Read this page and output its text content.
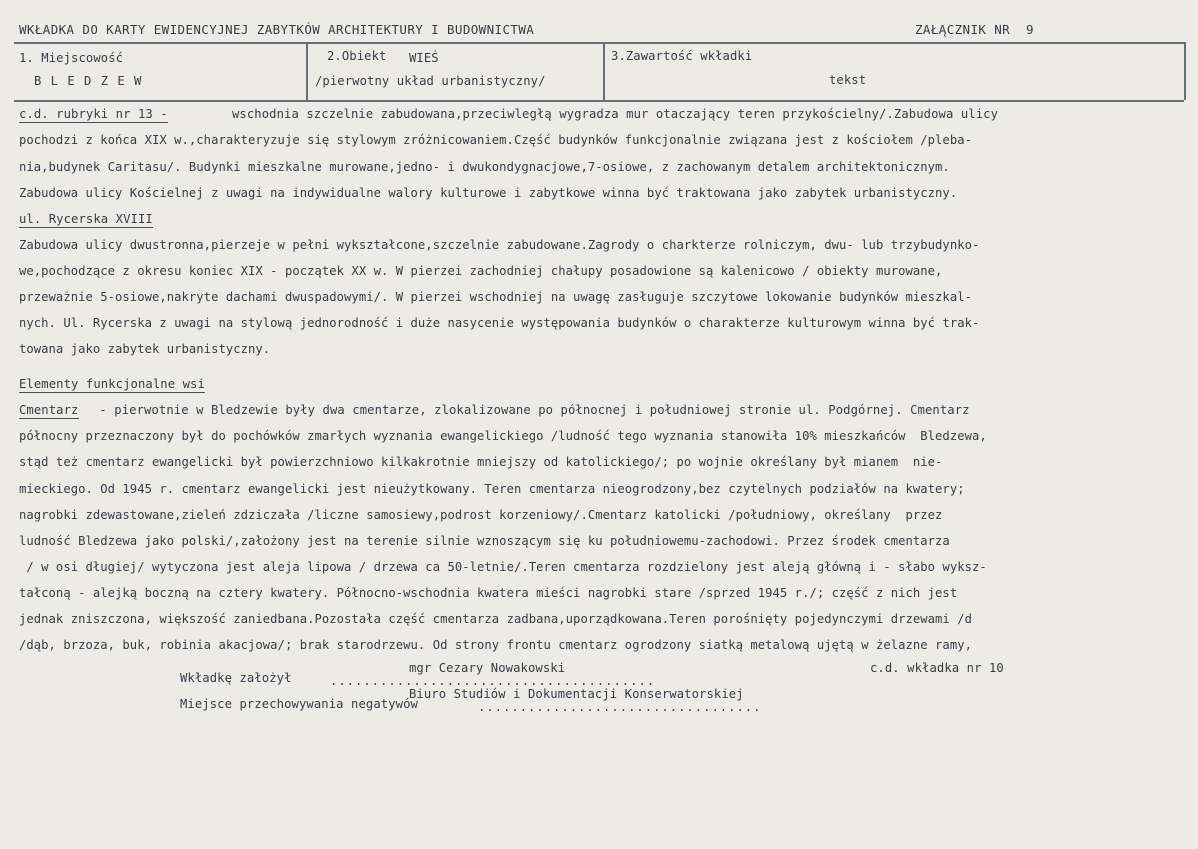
WKŁADKA DO KARTY EWIDENCYJNEJ ZABYTKÓW ARCHITEKTURY I BUDOWNICTWA	ZAŁĄCZNIK NR  9
1. Miejscowość
B L E D Z E W
2.Obiekt WIEŚ
/pierwotny układ urbanistyczny/
3.Zawartość wkładki
tekst
c.d. rubryki nr 13 -	wschodnia szczelnie zabudowana,przeciwległą wygradza mur otaczający teren przykościelny/.Zabudowa ulicy
pochodzi z końca XIX w.,charakteryzuje się stylowym zróżnicowaniem.Część budynków funkcjonalnie związana jest z kościołem /pleba-
nia,budynek Caritasu/. Budynki mieszkalne murowane,jedno- i dwukondygnacjowe,7-osiowe, z zachowanym detalem architektonicznym.
Zabudowa ulicy Kościelnej z uwagi na indywidualne walory kulturowe i zabytkowe winna być traktowana jako zabytek urbanistyczny.
ul. Rycerska XVIII
Zabudowa ulicy dwustronna,pierzeje w pełni wykształcone,szczelnie zabudowane.Zagrody o charkterze rolniczym, dwu- lub trzybudynko-
we,pochodzące z okresu koniec XIX - początek XX w. W pierzei zachodniej chałupy posadowione są kalenicowo / obiekty murowane,
przeważnie 5-osiowe,nakryte dachami dwuspadowymi/. W pierzei wschodniej na uwagę zasługuje szczytowe lokowanie budynków mieszkal-
nych. Ul. Rycerska z uwagi na stylową jednorodność i duże nasycenie występowania budynków o charakterze kulturowym winna być trak-
towana jako zabytek urbanistyczny.
Elementy funkcjonalne wsi
Cmentarz - pierwotnie w Bledzewie były dwa cmentarze, zlokalizowane po północnej i południowej stronie ul. Podgórnej. Cmentarz
północny przeznaczony był do pochówków zmarłych wyznania ewangelickiego /ludność tego wyznania stanowiła 10% mieszkańców  Bledzewa,
stąd też cmentarz ewangelicki był powierzchniowo kilkakrotnie mniejszy od katolickiego/; po wojnie określany był mianem  nie-
mieckiego. Od 1945 r. cmentarz ewangelicki jest nieużytkowany. Teren cmentarza nieogrodzony,bez czytelnych podziałów na kwatery;
nagrobki zdewastowane,zieleń zdziczała /liczne samosiewy,podrost korzeniowy/.Cmentarz katolicki /południowy, określany  przez
ludność Bledzewa jako polski/,założony jest na terenie silnie wznoszącym się ku południowemu-zachodowi. Przez środek cmentarza
/ w osi długiej/ wytyczona jest aleja lipowa / drzewa ca 50-letnie/.Teren cmentarza rozdzielony jest aleją główną i - słabo wyksz-
tałconą - alejką boczną na cztery kwatery. Północno-wschodnia kwatera mieści nagrobki stare /sprzed 1945 r./; część z nich jest
jednak zniszczona, większość zaniedbana.Pozostała część cmentarza zadbana,uporządkowana.Teren porośnięty pojedynczymi drzewami /d
/dąb, brzoza, buk, robinia akacjowa/; brak starodrzewu. Od strony frontu cmentarz ogrodzony siatką metalową ujętą w żelazne ramy,
Wkładkę założył	.......................................
mgr Cezary Nowakowski	c.d. wkładka nr 10
Miejsce przechowywania negatywów	..................................
Biuro Studiów i Dokumentacji Konserwatorskiej
